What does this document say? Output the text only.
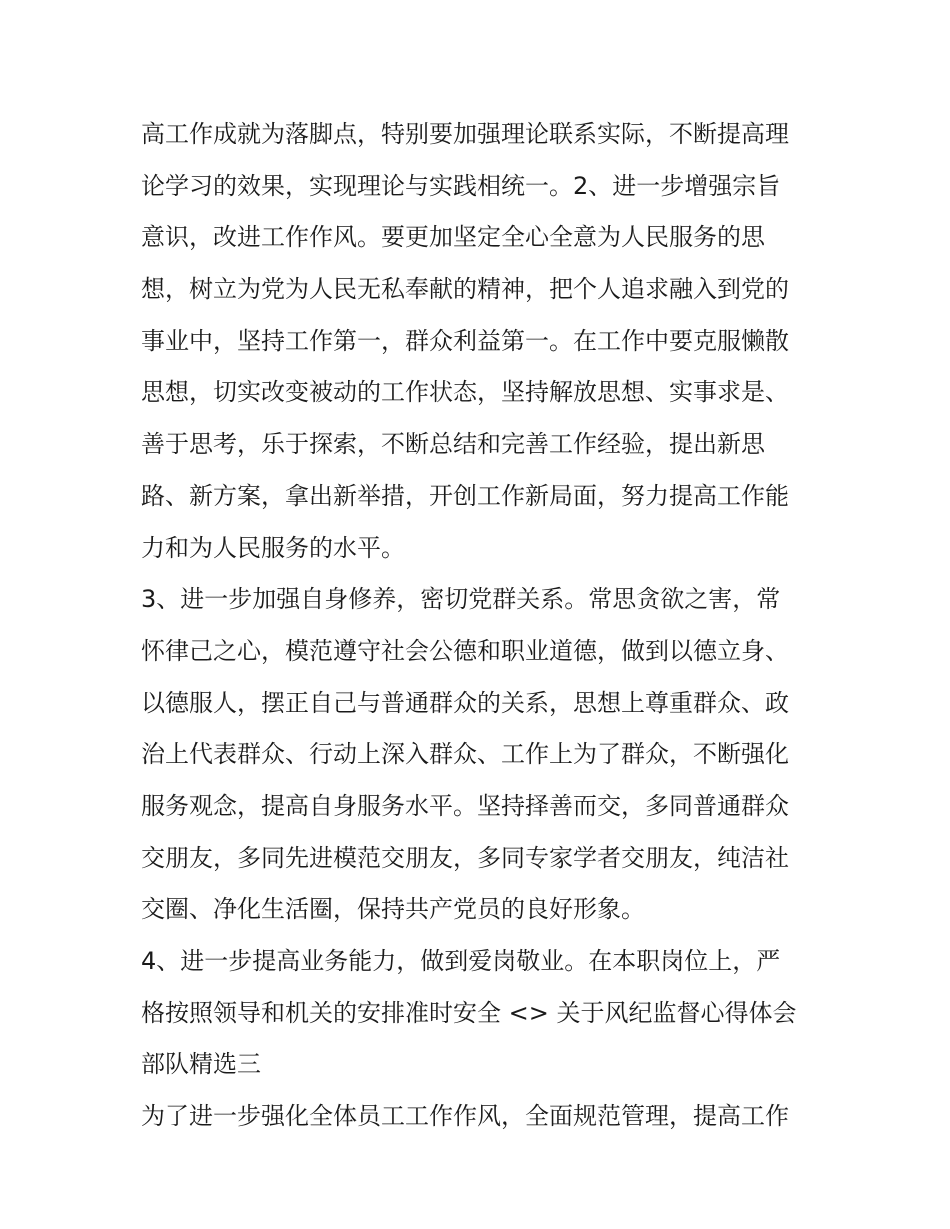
高工作成就为落脚点，特别要加强理论联系实际，不断提高理
论学习的效果，实现理论与实践相统一。2、进一步增强宗旨
意识，改进工作作风。要更加坚定全心全意为人民服务的思
想，树立为党为人民无私奉献的精神，把个人追求融入到党的
事业中，坚持工作第一，群众利益第一。在工作中要克服懒散
思想，切实改变被动的工作状态，坚持解放思想、实事求是、
善于思考，乐于探索，不断总结和完善工作经验，提出新思
路、新方案，拿出新举措，开创工作新局面，努力提高工作能
力和为人民服务的水平。
3、进一步加强自身修养，密切党群关系。常思贪欲之害，常
怀律己之心，模范遵守社会公德和职业道德，做到以德立身、
以德服人，摆正自己与普通群众的关系，思想上尊重群众、政
治上代表群众、行动上深入群众、工作上为了群众，不断强化
服务观念，提高自身服务水平。坚持择善而交，多同普通群众
交朋友，多同先进模范交朋友，多同专家学者交朋友，纯洁社
交圈、净化生活圈，保持共产党员的良好形象。
4、进一步提高业务能力，做到爱岗敬业。在本职岗位上，严
格按照领导和机关的安排准时安全 <> 关于风纪监督心得体会
部队精选三
为了进一步强化全体员工工作作风，全面规范管理，提高工作
